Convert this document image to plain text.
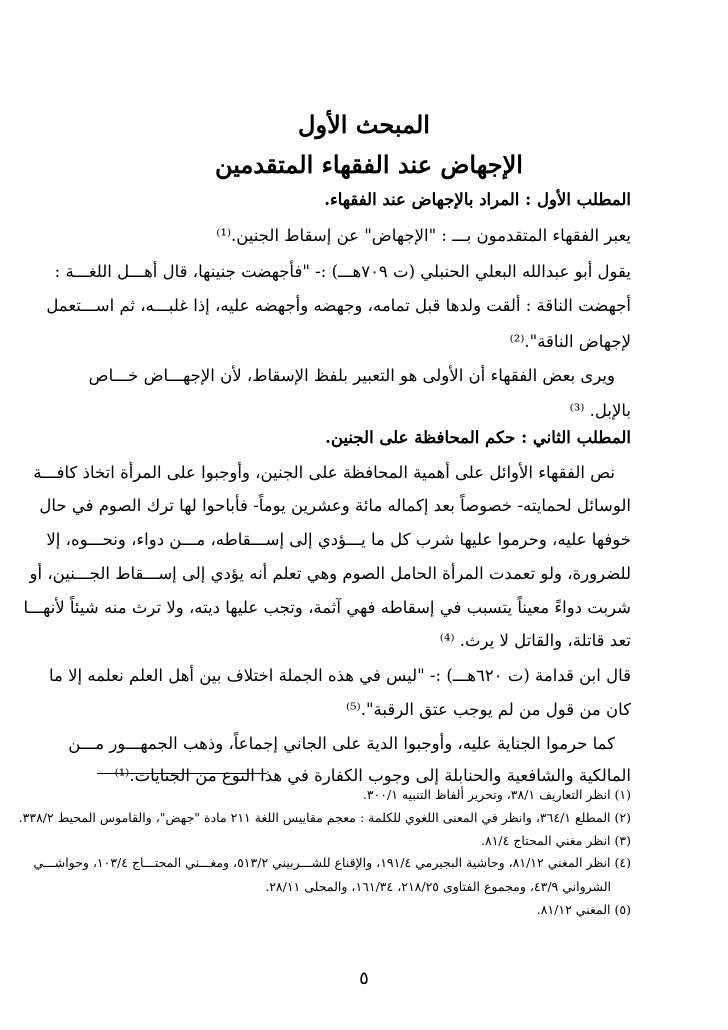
المبحث الأول
الإجهاض عند الفقهاء المتقدمين
المطلب الأول : المراد بالإجهاض عند الفقهاء.
يعبر الفقهاء المتقدمون بـــ : "الإجهاض" عن إسقاط الجنين.⁽¹⁾
يقول أبو عبدالله البعلي الحنبلي (ت ٧٠٩هـــ) :- "فأجهضت جنينها، قال أهـــل اللغـــة :
أجهضت الناقة : ألقت ولدها قبل تمامه، وجهضه وأجهضه عليه، إذا غلبـــه، ثم اســـتعمل
لإجهاض الناقة".⁽²⁾
ويرى بعض الفقهاء أن الأولى هو التعبير بلفظ الإسقاط، لأن الإجهـــاض خـــاص
بالإبل. ⁽³⁾
المطلب الثاني : حكم المحافظة على الجنين.
نص الفقهاء الأوائل على أهمية المحافظة على الجنين، وأوجبوا على المرأة اتخاذ كافـــة
الوسائل لحمايته- خصوصاً بعد إكماله مائة وعشرين يوماً- فأباحوا لها ترك الصوم في حال
خوفها عليه، وحرموا عليها شرب كل ما يـــؤدي إلى إســـقاطه، مـــن دواء، ونحـــوه، إلا
للضرورة، ولو تعمدت المرأة الحامل الصوم وهي تعلم أنه يؤدي إلى إســـقاط الجـــنين، أو
شربت دواءً معيناً يتسبب في إسقاطه فهي آثمة، وتجب عليها ديته، ولا ترث منه شيئاً لأنهـــا
تعد قاتلة، والقاتل لا يرث. ⁽⁴⁾
قال ابن قدامة (ت ٦٢٠هـــ) :- "ليس في هذه الجملة اختلاف بين أهل العلم نعلمه إلا ما
كان من قول من لم يوجب عتق الرقبة".⁽⁵⁾
كما حرموا الجناية عليه، وأوجبوا الدية على الجاني إجماعاً، وذهب الجمهـــور مـــن
المالكية والشافعية والحنابلة إلى وجوب الكفارة في هذا النوع من الجنايات.⁽¹⁾
(١) انظر التعاريف ٣٨/١، وتحرير ألفاظ التنبيه ٣٠٠/١.
(٢) المطلع ٣٦٤/١، وانظر في المعنى اللغوي للكلمة : معجم مقاييس اللغة ٢١١ مادة "جهض"، والقاموس المحيط ٣٣٨/٢.
(٣) انظر مغني المحتاج ٨١/٤.
(٤) انظر المغني ٨١/١٢، وحاشية البجيرمي ١٩١/٤، والإقناع للشـــربيني ٥١٣/٢، ومغـــني المحتـــاج ١٠٣/٤، وحواشـــي
الشرواني ٤٣/٩، ومجموع الفتاوى ٢١٨/٢٥، ١٦١/٣٤، والمحلى ٢٨/١١.
(٥) المغني ٨١/١٢.
٥
